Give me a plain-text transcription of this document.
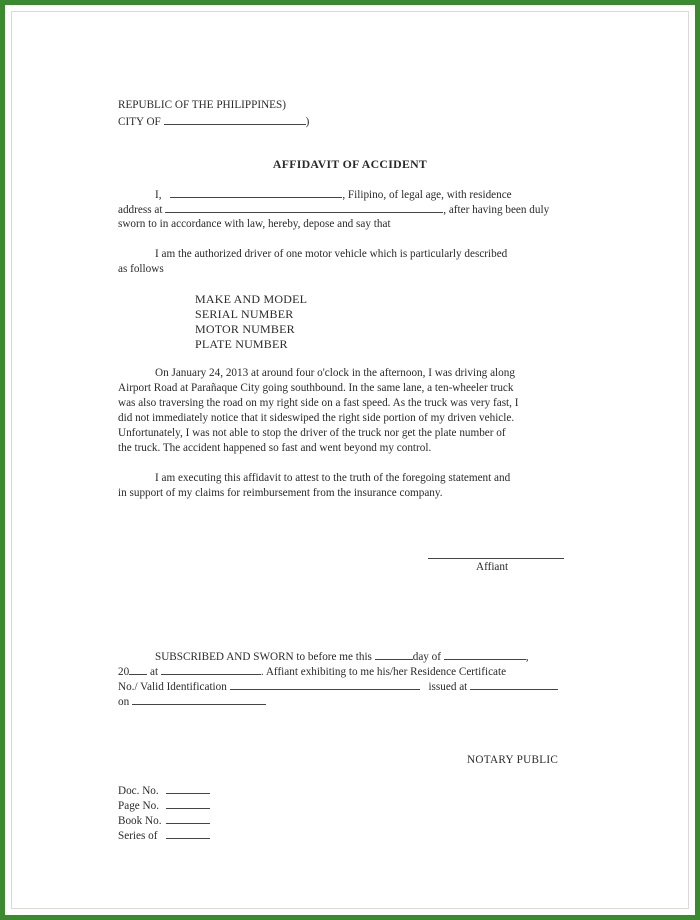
REPUBLIC OF THE PHILIPPINES)
CITY OF	)
AFFIDAVIT OF ACCIDENT
I,	, Filipino, of legal age, with residence
address at	, after having been duly
sworn to in accordance with law, hereby, depose and say that
I am the authorized driver of one motor vehicle which is particularly described
as follows
MAKE AND MODEL
SERIAL NUMBER
MOTOR NUMBER
PLATE NUMBER
On January 24, 2013 at around four o'clock in the afternoon, I was driving along
Airport Road at Parañaque City going southbound. In the same lane, a ten-wheeler truck
was also traversing the road on my right side on a fast speed. As the truck was very fast, I
did not immediately notice that it sideswiped the right side portion of my driven vehicle.
Unfortunately, I was not able to stop the driver of the truck nor get the plate number of
the truck. The accident happened so fast and went beyond my control.
I am executing this affidavit to attest to the truth of the foregoing statement and
in support of my claims for reimbursement from the insurance company.
Affiant
SUBSCRIBED AND SWORN to before me this	day of	,
20 at	. Affiant exhibiting to me his/her Residence Certificate
No./ Valid Identification	issued at
on
NOTARY PUBLIC
Doc. No.
Page No.
Book No.
Series of
